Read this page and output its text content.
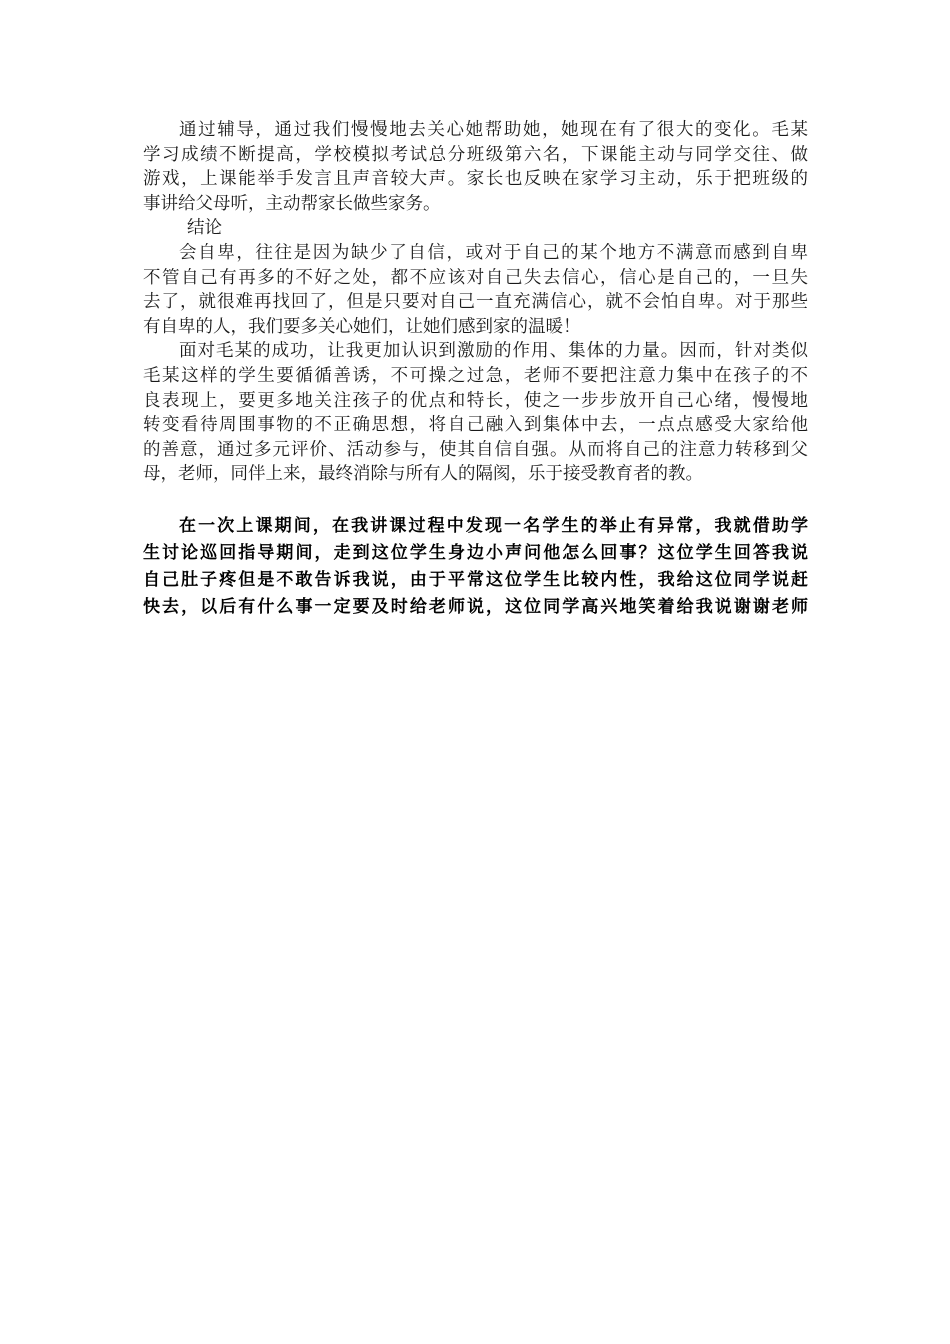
通过辅导，通过我们慢慢地去关心她帮助她，她现在有了很大的变化。毛某
学习成绩不断提高，学校模拟考试总分班级第六名，下课能主动与同学交往、做
游戏，上课能举手发言且声音较大声。家长也反映在家学习主动，乐于把班级的
事讲给父母听，主动帮家长做些家务。
结论
会自卑，往往是因为缺少了自信，或对于自己的某个地方不满意而感到自卑
不管自己有再多的不好之处，都不应该对自己失去信心，信心是自己的，一旦失
去了，就很难再找回了，但是只要对自己一直充满信心，就不会怕自卑。对于那些
有自卑的人，我们要多关心她们，让她们感到家的温暖！
面对毛某的成功，让我更加认识到激励的作用、集体的力量。因而，针对类似
毛某这样的学生要循循善诱，不可操之过急，老师不要把注意力集中在孩子的不
良表现上，要更多地关注孩子的优点和特长，使之一步步放开自己心绪，慢慢地
转变看待周围事物的不正确思想，将自己融入到集体中去，一点点感受大家给他
的善意，通过多元评价、活动参与，使其自信自强。从而将自己的注意力转移到父
母，老师，同伴上来，最终消除与所有人的隔阂，乐于接受教育者的教。
在一次上课期间，在我讲课过程中发现一名学生的举止有异常，我就借助学
生讨论巡回指导期间，走到这位学生身边小声问他怎么回事？这位学生回答我说
自己肚子疼但是不敢告诉我说，由于平常这位学生比较内性，我给这位同学说赶
快去，以后有什么事一定要及时给老师说，这位同学高兴地笑着给我说谢谢老师
